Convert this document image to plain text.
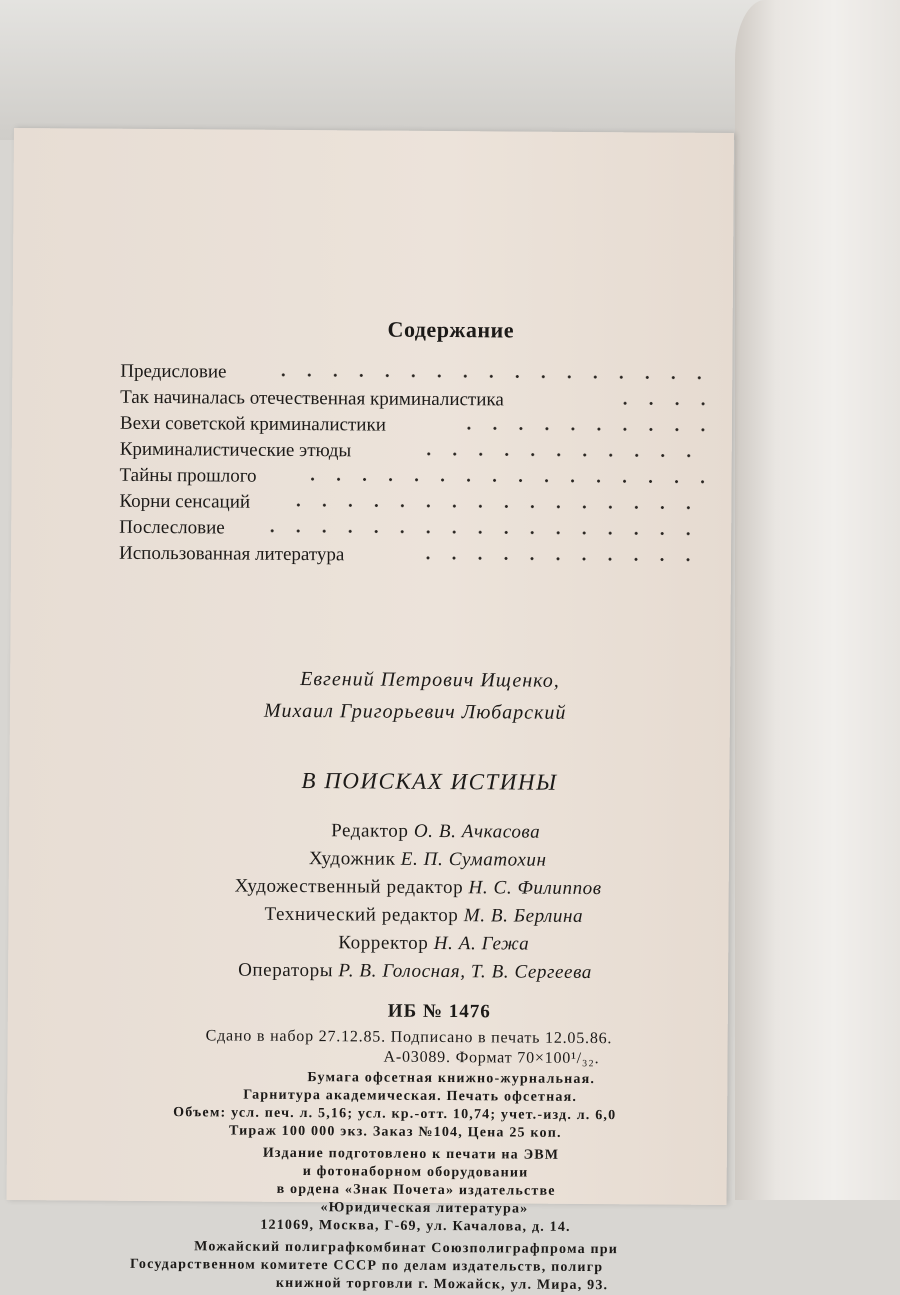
Содержание
Предисловие
Так начиналась отечественная криминалистика
Вехи советской криминалистики
Криминалистические этюды
Тайны прошлого
Корни сенсаций
Послесловие
Использованная литература
Евгений Петрович Ищенко,
Михаил Григорьевич Любарский
В ПОИСКАХ ИСТИНЫ
Редактор О. В. Ачкасова
Художник Е. П. Суматохин
Художественный редактор Н. С. Филиппов
Технический редактор М. В. Берлина
Корректор Н. А. Гежа
Операторы Р. В. Голосная, Т. В. Сергеева
ИБ № 1476
Сдано в набор 27.12.85. Подписано в печать 12.05.86.
А-03089. Формат 70×100¹/₃₂.
Бумага офсетная книжно-журнальная.
Гарнитура академическая. Печать офсетная.
Объем: усл. печ. л. 5,16; усл. кр.-отт. 10,74; учет.-изд. л. 6,0
Тираж 100 000 экз. Заказ №104, Цена 25 коп.
Издание подготовлено к печати на ЭВМ
и фотонаборном оборудовании
в ордена «Знак Почета» издательстве
«Юридическая литература»
121069, Москва, Г-69, ул. Качалова, д. 14.
Можайский полиграфкомбинат Союзполиграфпрома при
Государственном комитете СССР по делам издательств, полигр
книжной торговли г. Можайск, ул. Мира, 93.
